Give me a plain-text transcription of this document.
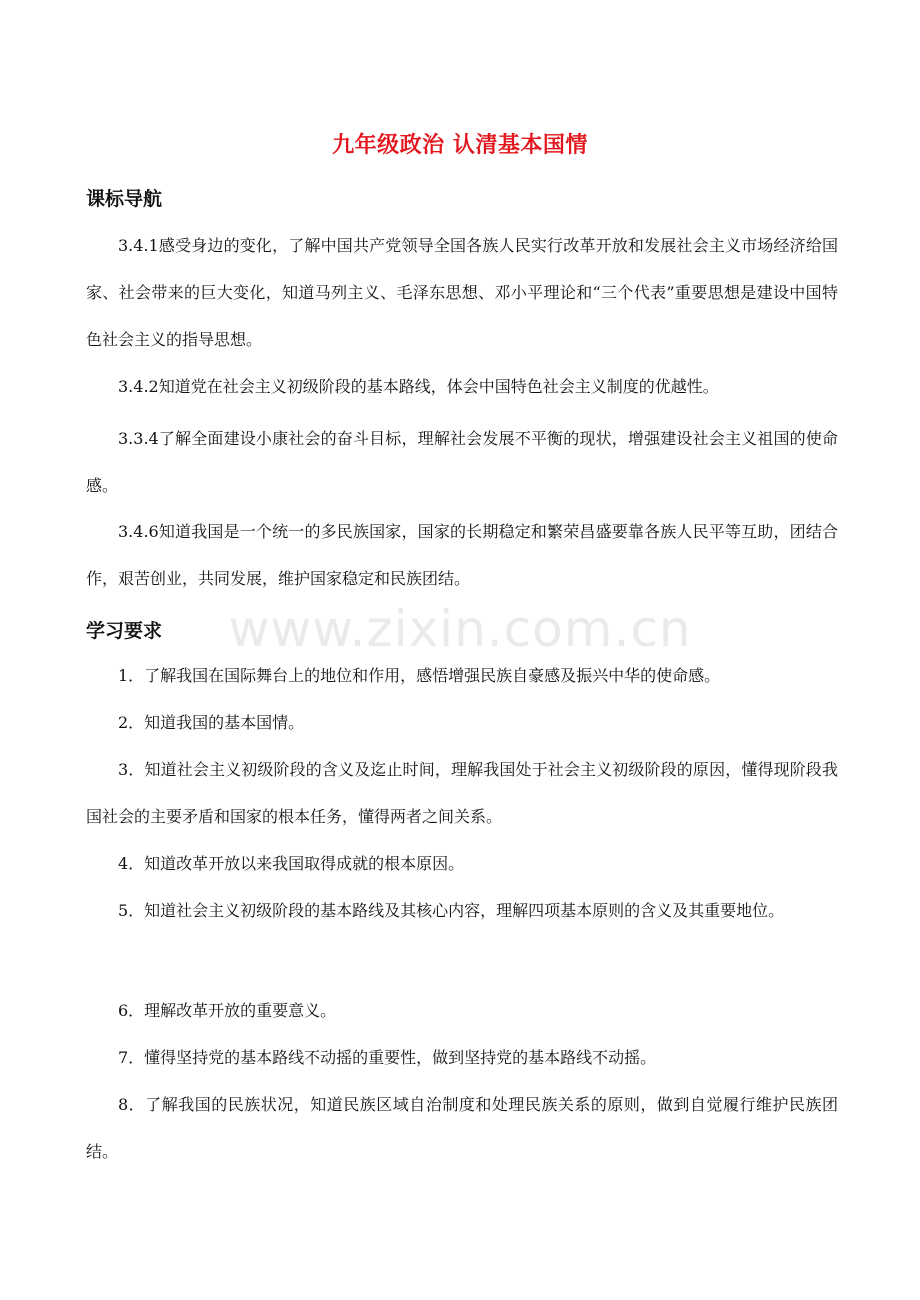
九年级政治 认清基本国情
课标导航
3.4.1感受身边的变化，了解中国共产党领导全国各族人民实行改革开放和发展社会主义市场经济给国家、社会带来的巨大变化，知道马列主义、毛泽东思想、邓小平理论和“三个代表”重要思想是建设中国特色社会主义的指导思想。
3.4.2知道党在社会主义初级阶段的基本路线，体会中国特色社会主义制度的优越性。
3.3.4了解全面建设小康社会的奋斗目标，理解社会发展不平衡的现状，增强建设社会主义祖国的使命感。
3.4.6知道我国是一个统一的多民族国家，国家的长期稳定和繁荣昌盛要靠各族人民平等互助，团结合作，艰苦创业，共同发展，维护国家稳定和民族团结。
学习要求
1．了解我国在国际舞台上的地位和作用，感悟增强民族自豪感及振兴中华的使命感。
2．知道我国的基本国情。
3．知道社会主义初级阶段的含义及迄止时间，理解我国处于社会主义初级阶段的原因，懂得现阶段我国社会的主要矛盾和国家的根本任务，懂得两者之间关系。
4．知道改革开放以来我国取得成就的根本原因。
5．知道社会主义初级阶段的基本路线及其核心内容，理解四项基本原则的含义及其重要地位。
6．理解改革开放的重要意义。
7．懂得坚持党的基本路线不动摇的重要性，做到坚持党的基本路线不动摇。
8．了解我国的民族状况，知道民族区域自治制度和处理民族关系的原则，做到自觉履行维护民族团结。
www.zixin.com.cn
